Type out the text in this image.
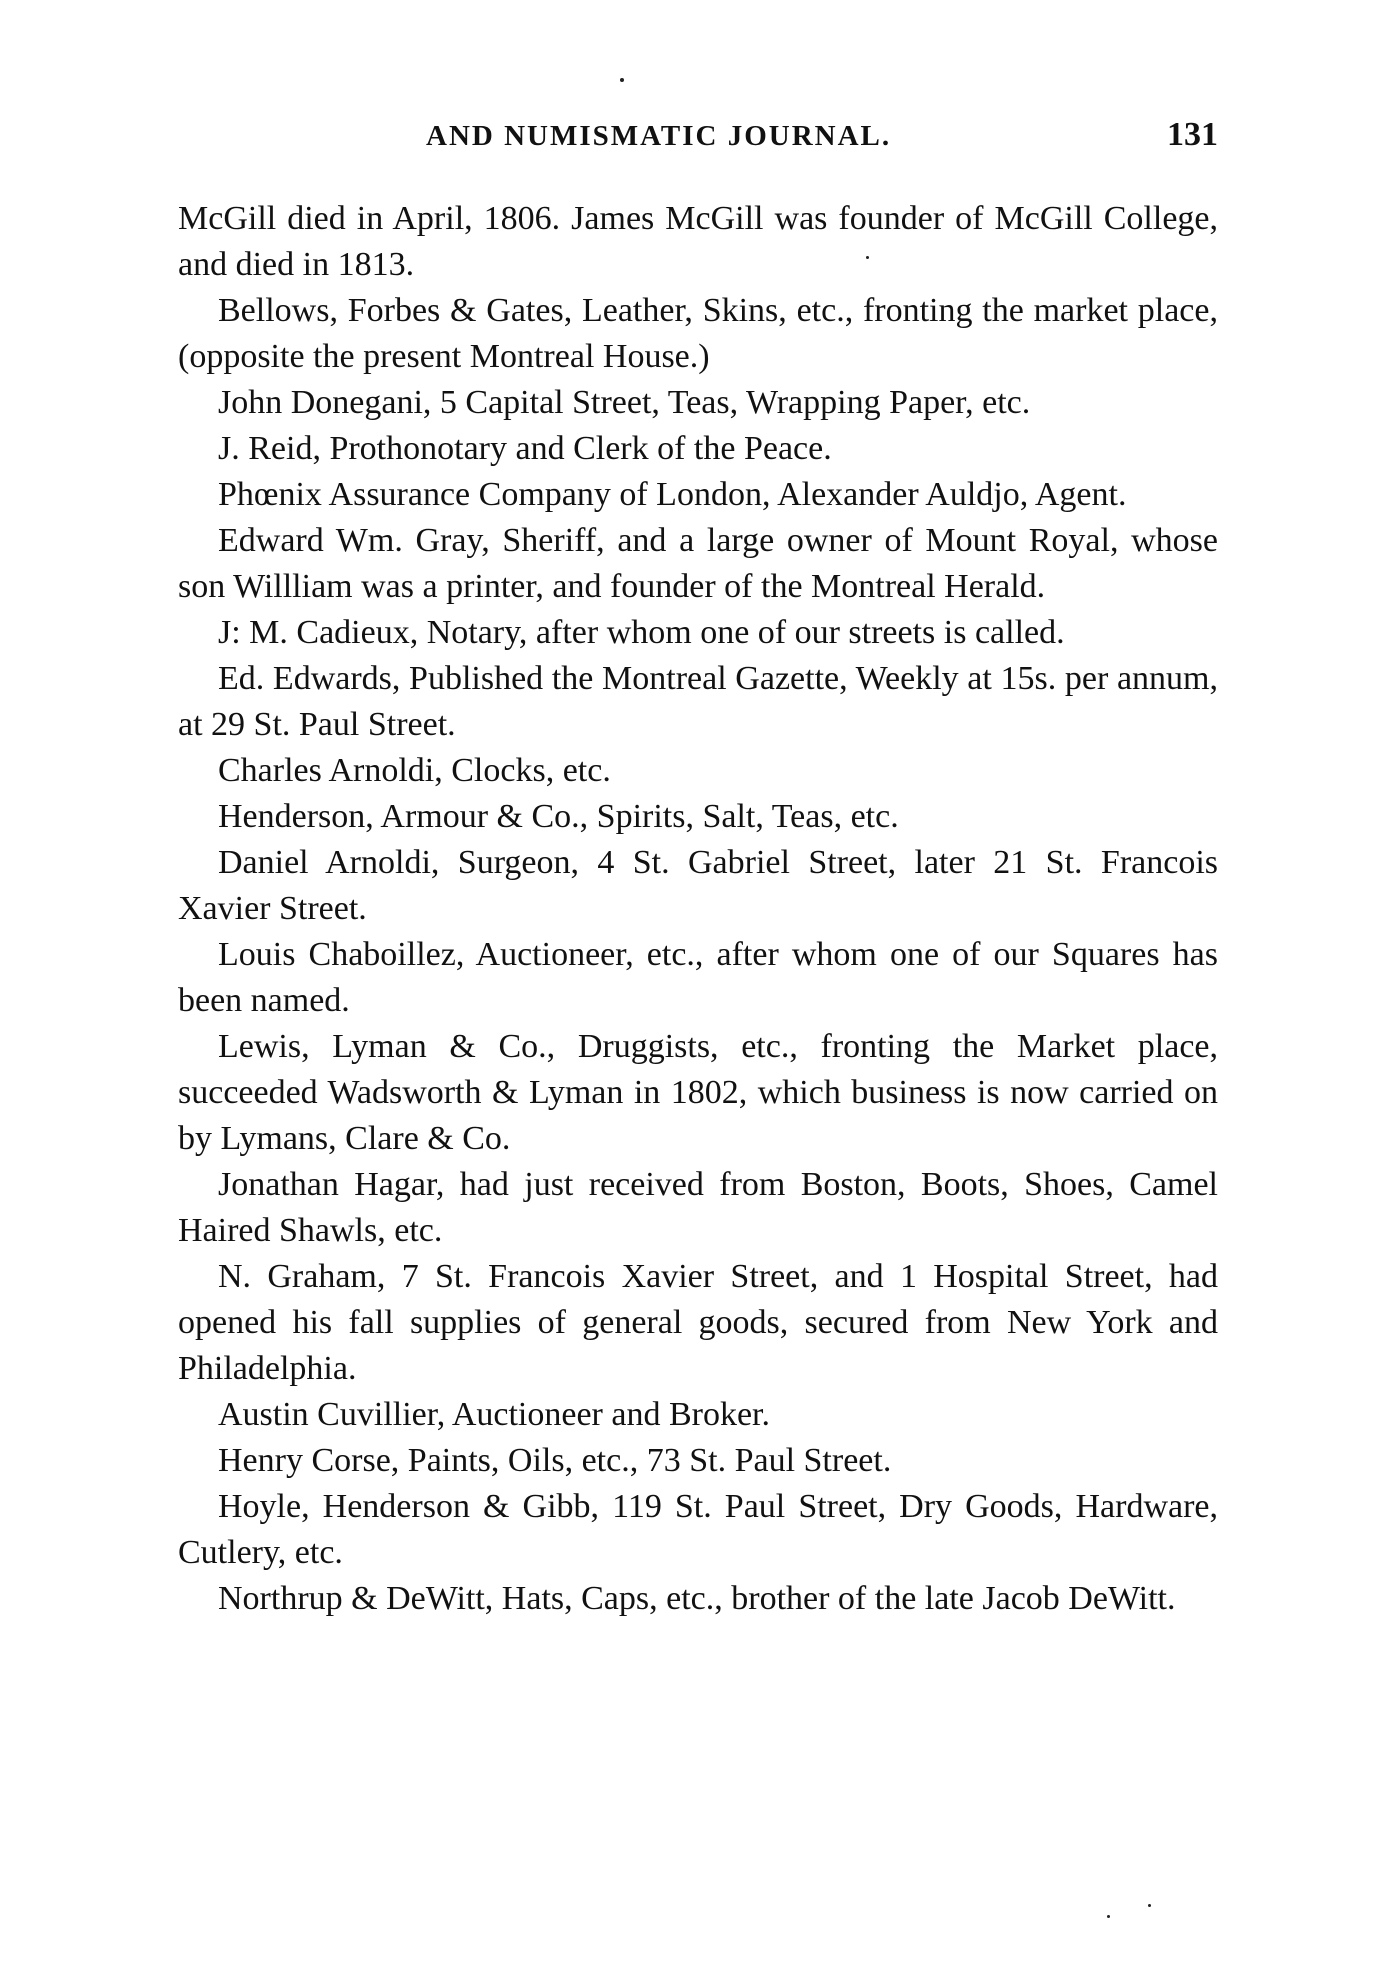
AND NUMISMATIC JOURNAL.	131

McGill died in April, 1806. James McGill was founder of McGill College, and died in 1813.

Bellows, Forbes & Gates, Leather, Skins, etc., fronting the market place, (opposite the present Montreal House.)

John Donegani, 5 Capital Street, Teas, Wrapping Paper, etc.

J. Reid, Prothonotary and Clerk of the Peace.

Phœnix Assurance Company of London, Alexander Auldjo, Agent.

Edward Wm. Gray, Sheriff, and a large owner of Mount Royal, whose son Willliam was a printer, and founder of the Montreal Herald.

J: M. Cadieux, Notary, after whom one of our streets is called.

Ed. Edwards, Published the Montreal Gazette, Weekly at 15s. per annum, at 29 St. Paul Street.

Charles Arnoldi, Clocks, etc.

Henderson, Armour & Co., Spirits, Salt, Teas, etc.

Daniel Arnoldi, Surgeon, 4 St. Gabriel Street, later 21 St. Francois Xavier Street.

Louis Chaboillez, Auctioneer, etc., after whom one of our Squares has been named.

Lewis, Lyman & Co., Druggists, etc., fronting the Market place, succeeded Wadsworth & Lyman in 1802, which business is now carried on by Lymans, Clare & Co.

Jonathan Hagar, had just received from Boston, Boots, Shoes, Camel Haired Shawls, etc.

N. Graham, 7 St. Francois Xavier Street, and 1 Hospital Street, had opened his fall supplies of general goods, secured from New York and Philadelphia.

Austin Cuvillier, Auctioneer and Broker.

Henry Corse, Paints, Oils, etc., 73 St. Paul Street.

Hoyle, Henderson & Gibb, 119 St. Paul Street, Dry Goods, Hardware, Cutlery, etc.

Northrup & DeWitt, Hats, Caps, etc., brother of the late Jacob DeWitt.
